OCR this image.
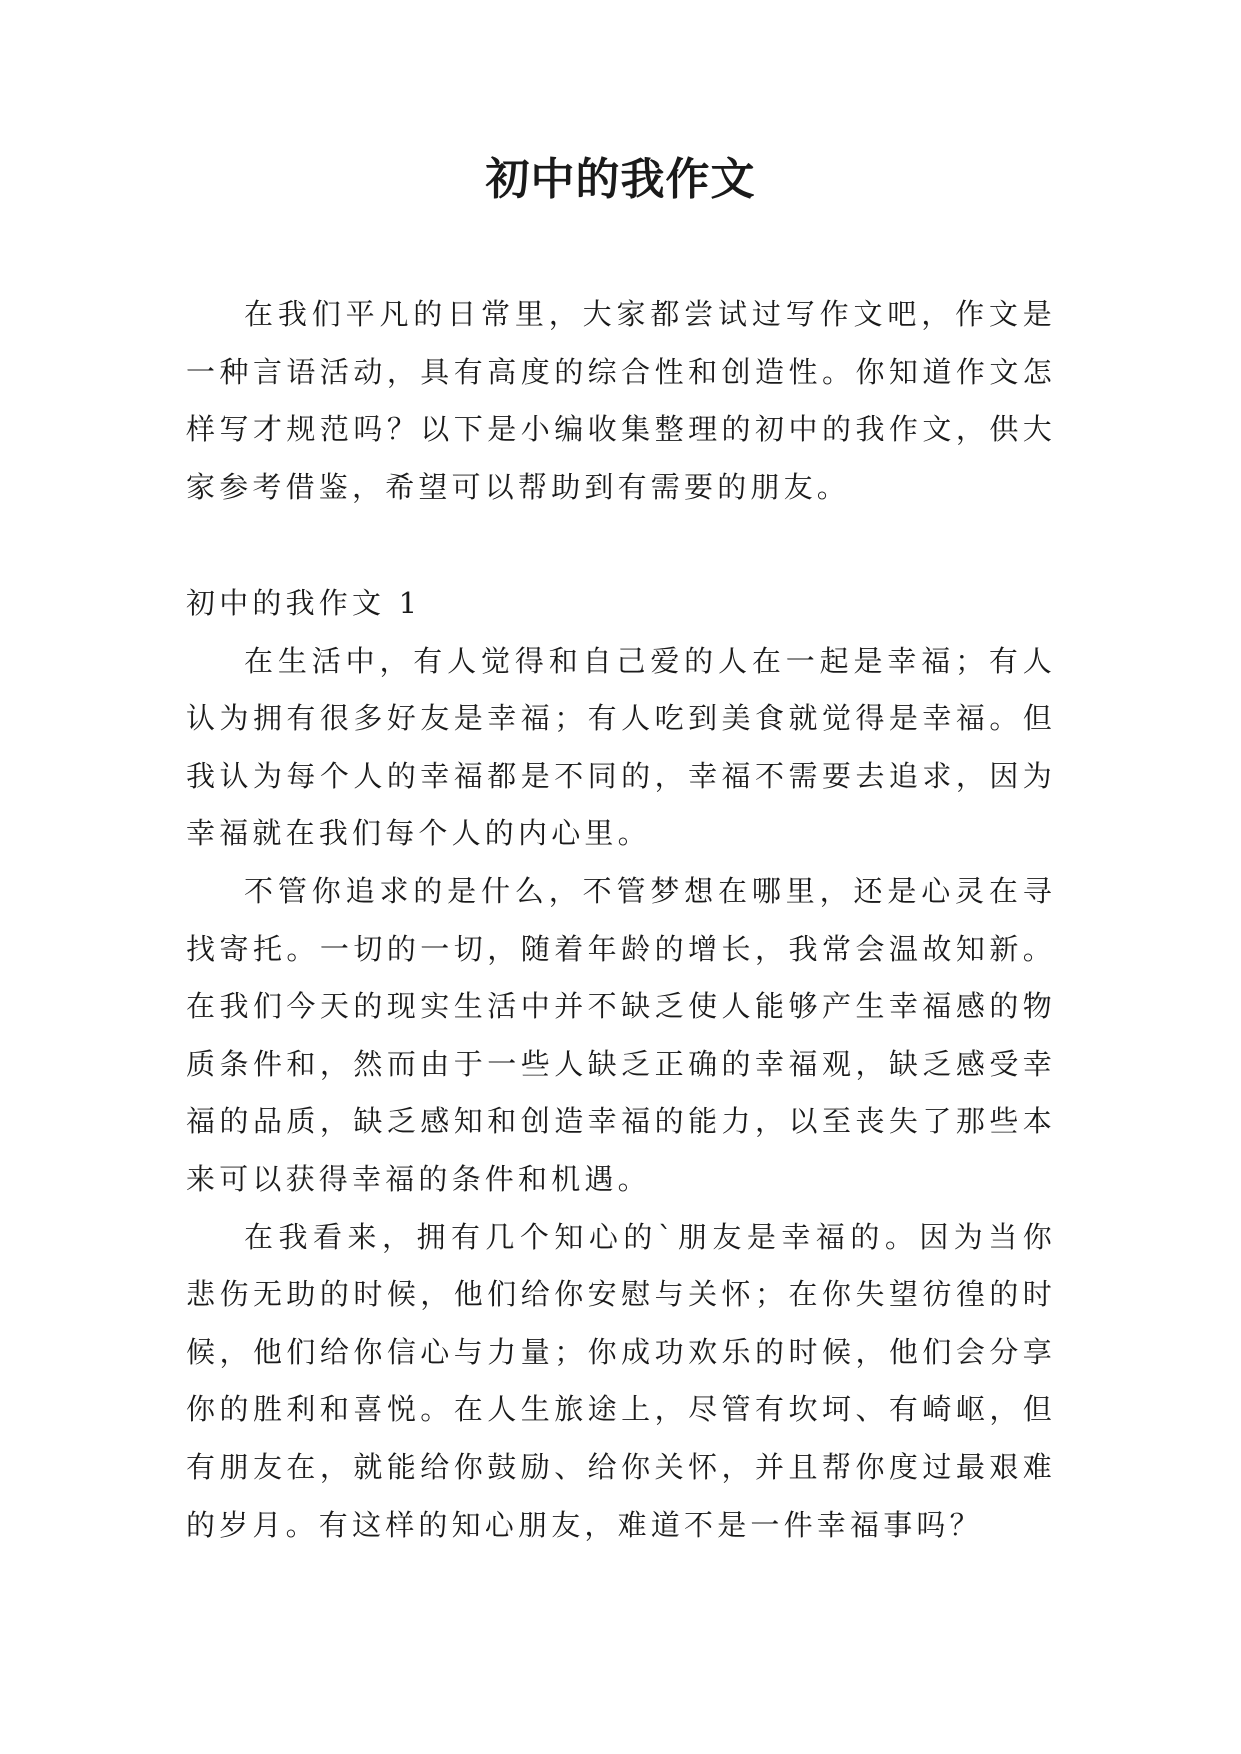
初中的我作文

在我们平凡的日常里，大家都尝试过写作文吧，作文是一种言语活动，具有高度的综合性和创造性。你知道作文怎样写才规范吗？以下是小编收集整理的初中的我作文，供大家参考借鉴，希望可以帮助到有需要的朋友。

初中的我作文 1

在生活中，有人觉得和自己爱的人在一起是幸福；有人认为拥有很多好友是幸福；有人吃到美食就觉得是幸福。但我认为每个人的幸福都是不同的，幸福不需要去追求，因为幸福就在我们每个人的内心里。

不管你追求的是什么，不管梦想在哪里，还是心灵在寻找寄托。一切的一切，随着年龄的增长，我常会温故知新。在我们今天的现实生活中并不缺乏使人能够产生幸福感的物质条件和，然而由于一些人缺乏正确的幸福观，缺乏感受幸福的品质，缺乏感知和创造幸福的能力，以至丧失了那些本来可以获得幸福的条件和机遇。

在我看来，拥有几个知心的`朋友是幸福的。因为当你悲伤无助的时候，他们给你安慰与关怀；在你失望彷徨的时候，他们给你信心与力量；你成功欢乐的时候，他们会分享你的胜利和喜悦。在人生旅途上，尽管有坎坷、有崎岖，但有朋友在，就能给你鼓励、给你关怀，并且帮你度过最艰难的岁月。有这样的知心朋友，难道不是一件幸福事吗？
